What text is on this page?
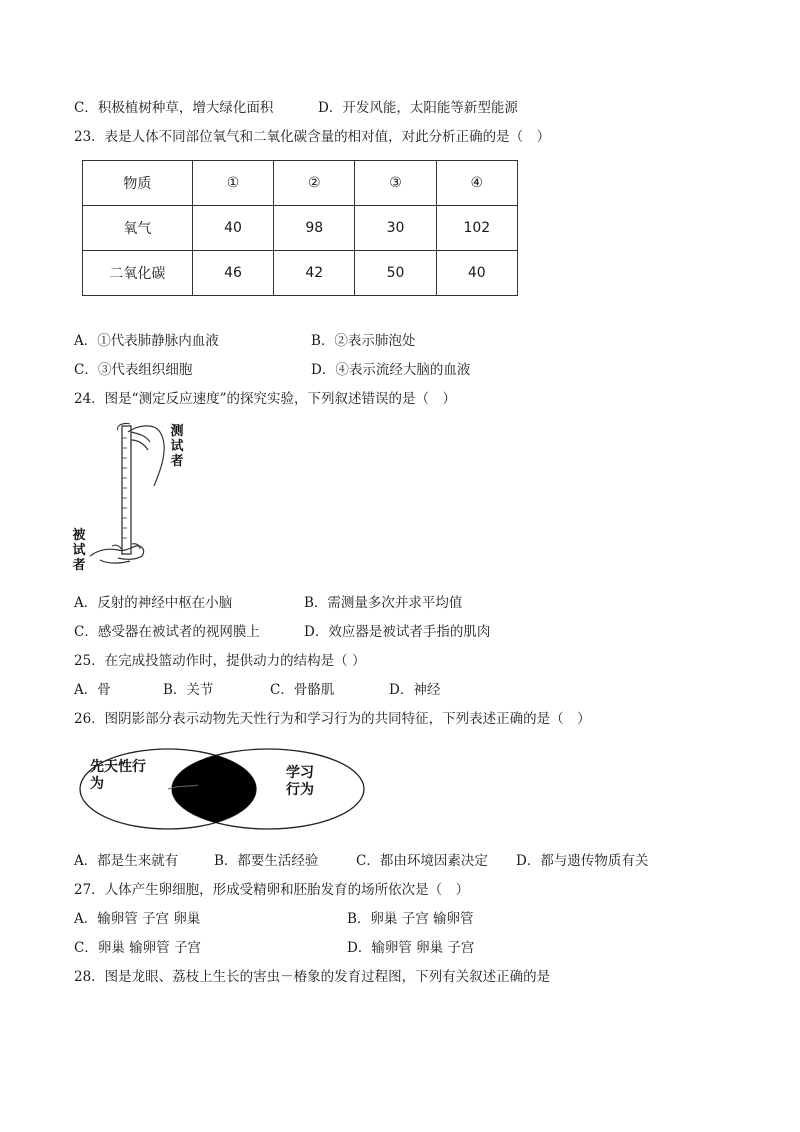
C．积极植树种草，增大绿化面积	D．开发风能，太阳能等新型能源
23．表是人体不同部位氧气和二氧化碳含量的相对值，对此分析正确的是（　）
物质	①	②	③	④
氧气	40	98	30	102
二氧化碳	46	42	50	40
A．①代表肺静脉内血液	B．②表示肺泡处
C．③代表组织细胞	D．④表示流经大脑的血液
24．图是“测定反应速度”的探究实验，下列叙述错误的是（　）
测试者
被试者
A．反射的神经中枢在小脑	B．需测量多次并求平均值
C．感受器在被试者的视网膜上	D．效应器是被试者手指的肌肉
25．在完成投篮动作时，提供动力的结构是（ ）
A．骨	B．关节	C．骨骼肌	D．神经
26．图阴影部分表示动物先天性行为和学习行为的共同特征，下列表述正确的是（　）
先天性行为
学习行为
A．都是生来就有	B．都要生活经验	C．都由环境因素决定 D．都与遗传物质有关
27．人体产生卵细胞，形成受精卵和胚胎发育的场所依次是（　）
A．输卵管 子宫 卵巢	B．卵巢 子宫 输卵管
C．卵巢 输卵管 子宫	D．输卵管 卵巢 子宫
28．图是龙眼、荔枝上生长的害虫－椿象的发育过程图，下列有关叙述正确的是
